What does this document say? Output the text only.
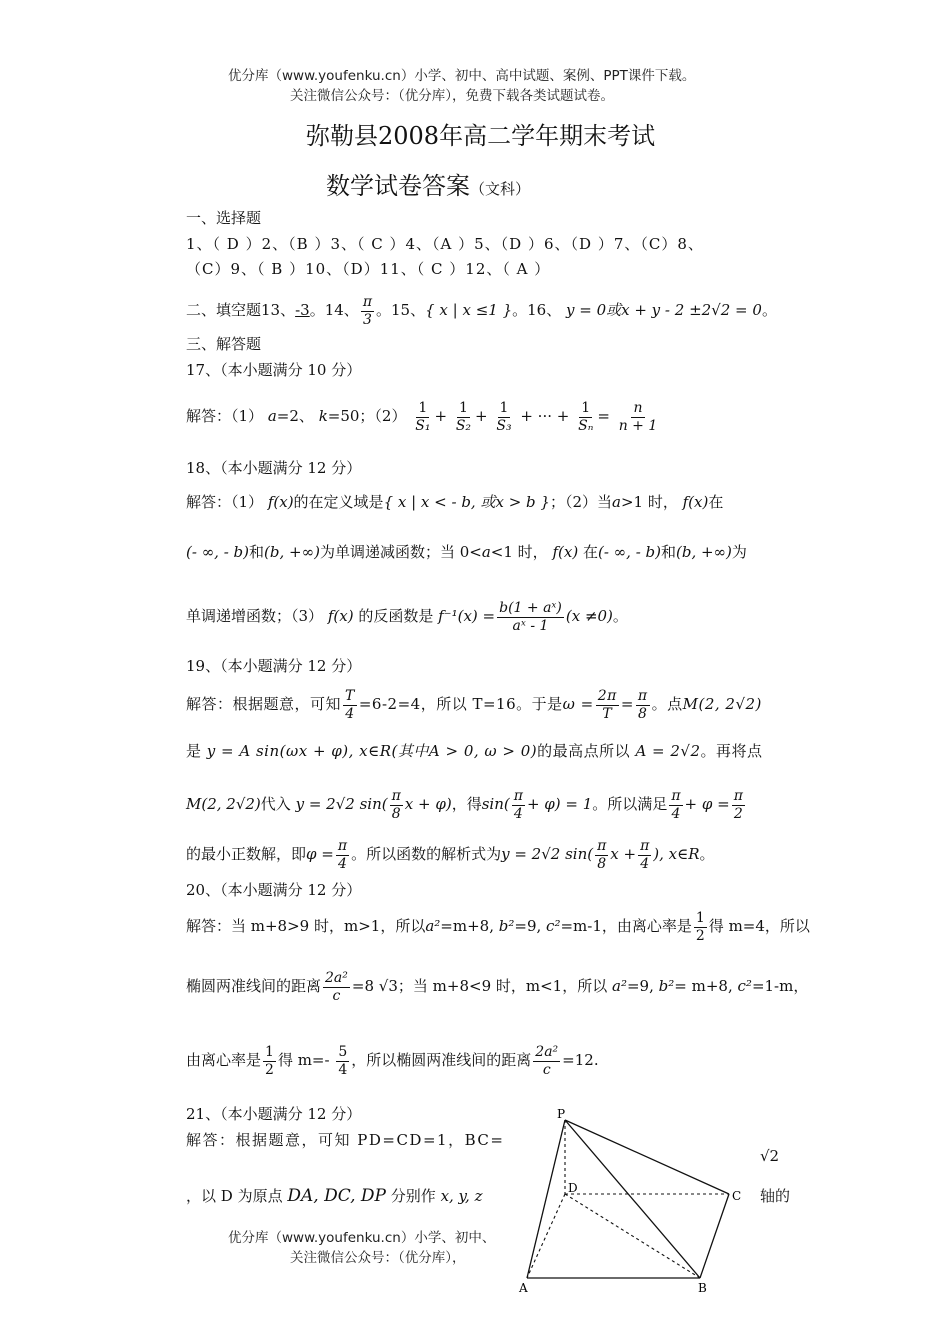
优分库（www.youfenku.cn）小学、初中、高中试题、案例、PPT课件下载。
关注微信公众号：（优分库），免费下载各类试题试卷。
弥勒县2008年高二学年期末考试
数学试卷答案（文科）
一、选择题
1、（ D ）2、（B ）3、（ C ）4、（A ）5、（D ）6、（D ）7、（C）8、
（C）9、（ B ）10、（D）11、（ C ）12、（ A ）
二、填空题13、-3。14、 $\frac{\pi}{3}$ 。15、{ x | x ≤1 }。16、 y = 0或x + y - 2 ±2√2 = 0。
三、解答题
17、（本小题满分 10 分）
解答：（1） a=2、 k=50；$(2) \frac{1}{\text{S₁}} + \frac{1}{\text{S₂}} + \frac{1}{\text{S₃}}$ + ··· + $\frac{1}{\text{Sₙ}} = \frac{n}{n + 1}$
18、（本小题满分 12 分）
解答：（1） f(x)的在定义域是{ x | x < - b, 或x > b }；（2）当a>1 时， f(x)在
(- ∞, - b)和(b, +∞)为单调递减函数；当 0<a<1 时， f(x) 在(- ∞, - b)和(b, +∞)为
单调递增函数；（3） f(x) 的反函数是 $f^{-1}(x) = \frac{\text{b(1 + aˣ)}}{\text{aˣ - 1}} (x \ne 0)$。
19、（本小题满分 12 分）
解答：根据题意，可知 $\frac{T}{4} =6-2=4$，所以 T=16。于是$\omega = \frac{2\pi}{T} = \frac{\pi}{8}$ 。点M(2, 2√2)
是 y = A sin(ωx + φ), x∈R(其中A > 0, ω > 0)的最高点所以 A = 2√2。再将点
M(2, 2√2)代入 y = 2√2 $\sin( \frac{\pi}{8}$ x + φ)，得$\sin( \frac{\pi}{4} + \varphi) = 1$。所以满足 $\frac{\pi}{4} + \varphi = \frac{\pi}{2}$
的最小正数解，即$\varphi = \frac{\pi}{4}$ 。所以函数的解析式为y = 2√2 $\sin( \frac{\pi}{8}$ $x + \frac{\pi}{4}$ ), x∈R。
20、（本小题满分 12 分）
解答：当 m+8>9 时，m>1，所以a²=m+8, b²=9, c²=m-1，由离心率是 $\frac{1}{2}$ 得 m=4，所以
椭圆两准线间的距离 $\frac{\text{2a²}}{c} =8$ √3；当 m+8<9 时，m<1，所以 a²=9, b²= m+8, c²=1-m，
由离心率是 $\frac{1}{2}$ 得 $m=- \frac{5}{4}$ ，所以椭圆两准线间的距离 $\frac{\text{2a²}}{c} =12$.
21、（本小题满分 12 分）
解答：根据题意，可知 PD=CD=1，BC=
√2
，以 D 为原点 DA, DC, DP 分别作 x, y, z	轴的
优分库（www.youfenku.cn）小学、初中、
关注微信公众号：（优分库），
P
D
C
A	B
